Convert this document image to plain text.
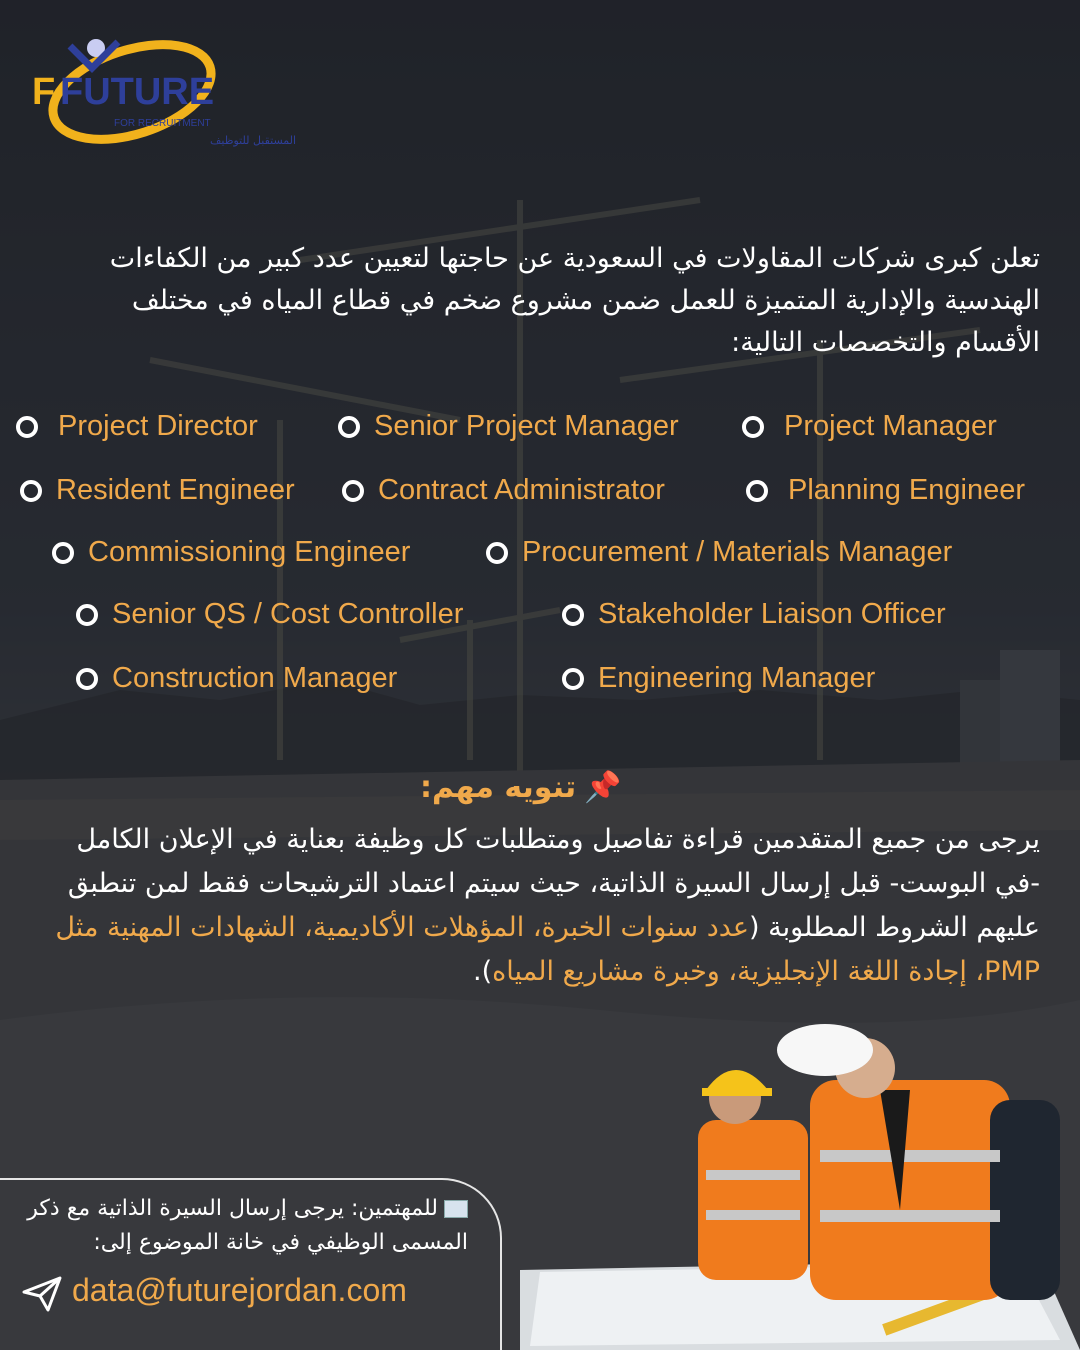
F FUTURE
FOR RECRUITMENT
المستقبل للتوظيف
تعلن كبرى شركات المقاولات في السعودية عن حاجتها لتعيين عدد كبير من الكفاءات الهندسية والإدارية المتميزة للعمل ضمن مشروع ضخم في قطاع المياه في مختلف الأقسام والتخصصات التالية:
Project Director	Senior Project Manager	Project Manager
Resident Engineer	Contract Administrator	Planning Engineer
Commissioning Engineer	Procurement / Materials Manager
Senior QS / Cost Controller	Stakeholder Liaison Officer
Construction Manager	Engineering Manager
📌تنويه مهم:
يرجى من جميع المتقدمين قراءة تفاصيل ومتطلبات كل وظيفة بعناية في الإعلان الكامل -في البوست- قبل إرسال السيرة الذاتية، حيث سيتم اعتماد الترشيحات فقط لمن تنطبق عليهم الشروط المطلوبة (عدد سنوات الخبرة، المؤهلات الأكاديمية، الشهادات المهنية مثل PMP، إجادة اللغة الإنجليزية، وخبرة مشاريع المياه).
للمهتمين: يرجى إرسال السيرة الذاتية مع ذكر المسمى الوظيفي في خانة الموضوع إلى:
data@futurejordan.com
